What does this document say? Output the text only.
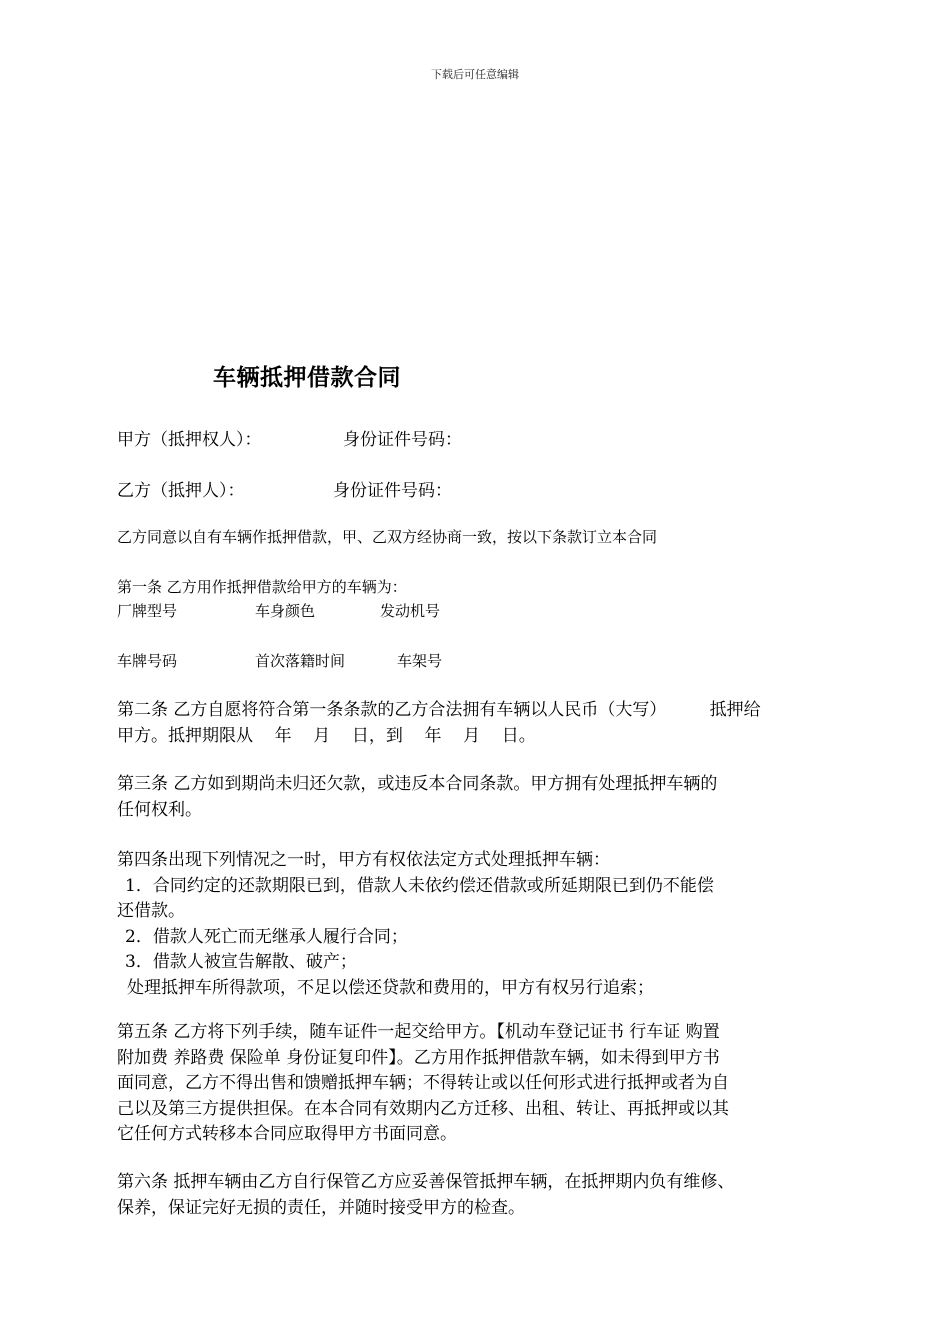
下载后可任意编辑
车辆抵押借款合同
甲方（抵押权人）：	身份证件号码：
乙方（抵押人）：	身份证件号码：
乙方同意以自有车辆作抵押借款，甲、乙双方经协商一致，按以下条款订立本合同
第一条 乙方用作抵押借款给甲方的车辆为：
厂牌型号	车身颜色	发动机号
车牌号码	首次落籍时间	车架号

第二条 乙方自愿将符合第一条条款的乙方合法拥有车辆以人民币（大写）        抵押给

甲方。抵押期限从    年    月    日，到    年    月    日。

第三条 乙方如到期尚未归还欠款，或违反本合同条款。甲方拥有处理抵押车辆的

任何权利。

第四条出现下列情况之一时，甲方有权依法定方式处理抵押车辆：

1．合同约定的还款期限已到，借款人未依约偿还借款或所延期限已到仍不能偿

还借款。

2．借款人死亡而无继承人履行合同；

3．借款人被宣告解散、破产；

处理抵押车所得款项，不足以偿还贷款和费用的，甲方有权另行追索；

第五条 乙方将下列手续，随车证件一起交给甲方。【机动车登记证书 行车证 购置

附加费 养路费 保险单 身份证复印件】。乙方用作抵押借款车辆，如未得到甲方书

面同意，乙方不得出售和馈赠抵押车辆；不得转让或以任何形式进行抵押或者为自

己以及第三方提供担保。在本合同有效期内乙方迁移、出租、转让、再抵押或以其

它任何方式转移本合同应取得甲方书面同意。

第六条 抵押车辆由乙方自行保管乙方应妥善保管抵押车辆，在抵押期内负有维修、

保养，保证完好无损的责任，并随时接受甲方的检查。
